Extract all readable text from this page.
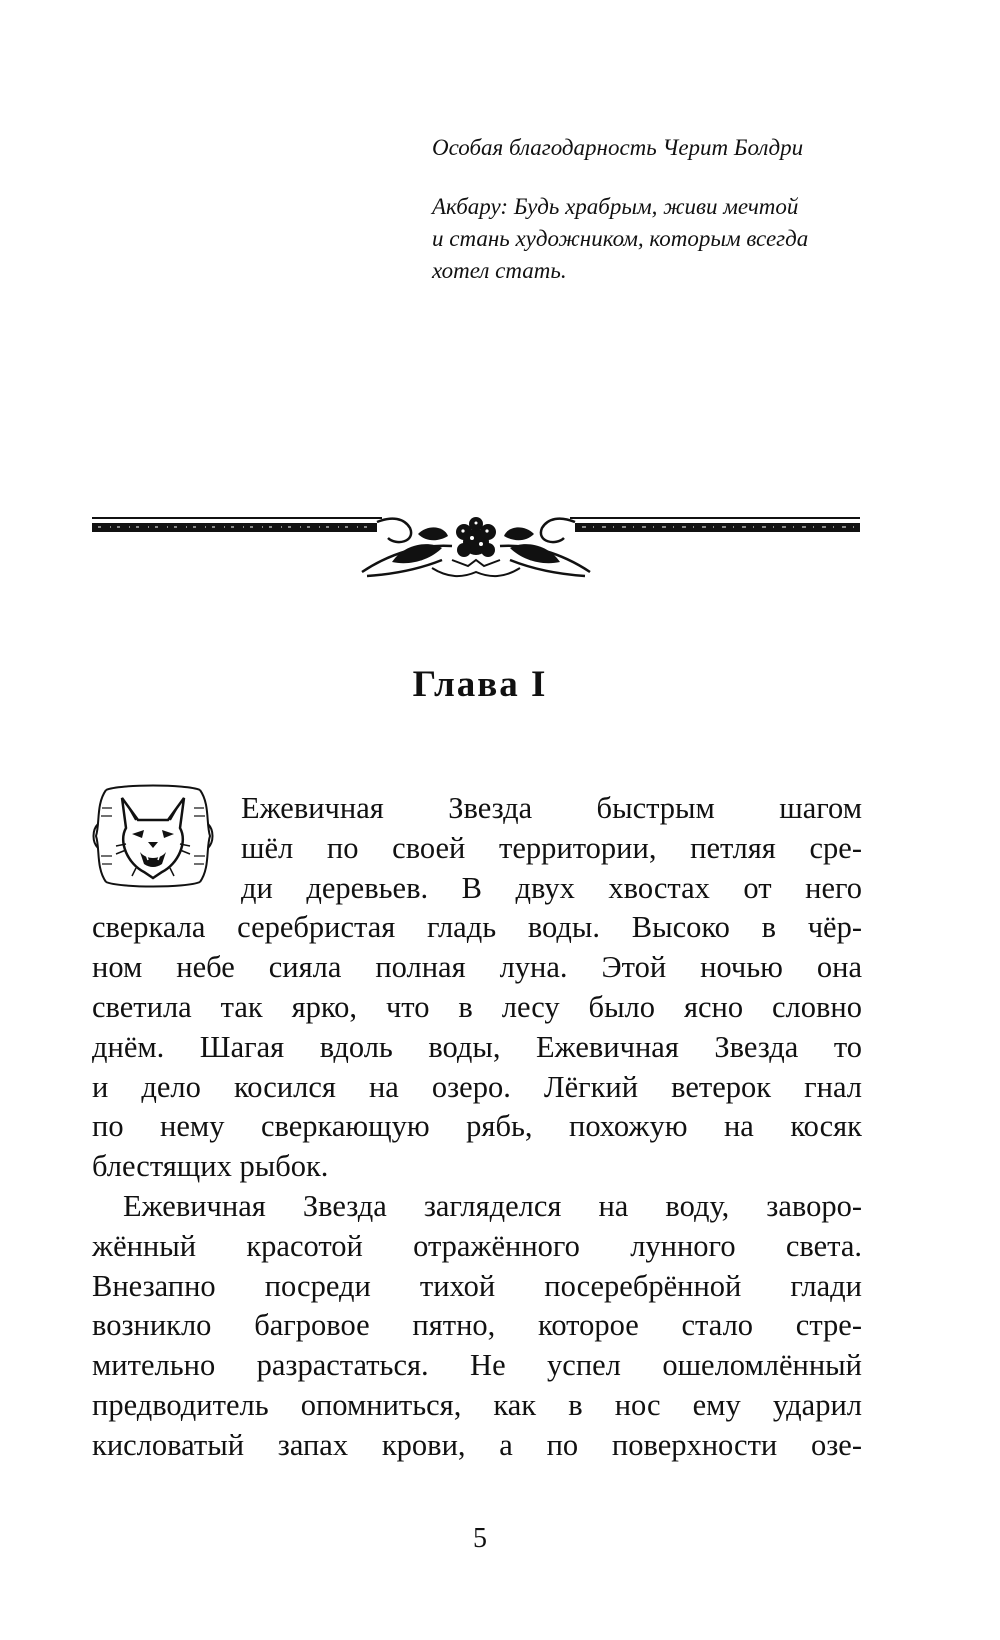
Особая благодарность Черит Болдри

Акбару: Будь храбрым, живи мечтой

и стань художником, которым всегда

хотел стать.

Глава I

Ежевичная Звезда быстрым шагом
шёл по своей территории, петляя сре-
ди деревьев. В двух хвостах от него
сверкала серебристая гладь воды. Высоко в чёр-
ном небе сияла полная луна. Этой ночью она
светила так ярко, что в лесу было ясно словно
днём. Шагая вдоль воды, Ежевичная Звезда то
и дело косился на озеро. Лёгкий ветерок гнал
по нему сверкающую рябь, похожую на косяк
блестящих рыбок.

Ежевичная Звезда загляделся на воду, заворо-
жённый красотой отражённого лунного света.
Внезапно посреди тихой посеребрённой глади
возникло багровое пятно, которое стало стре-
мительно разрастаться. Не успел ошеломлённый
предводитель опомниться, как в нос ему ударил
кисловатый запах крови, а по поверхности озе-

5
